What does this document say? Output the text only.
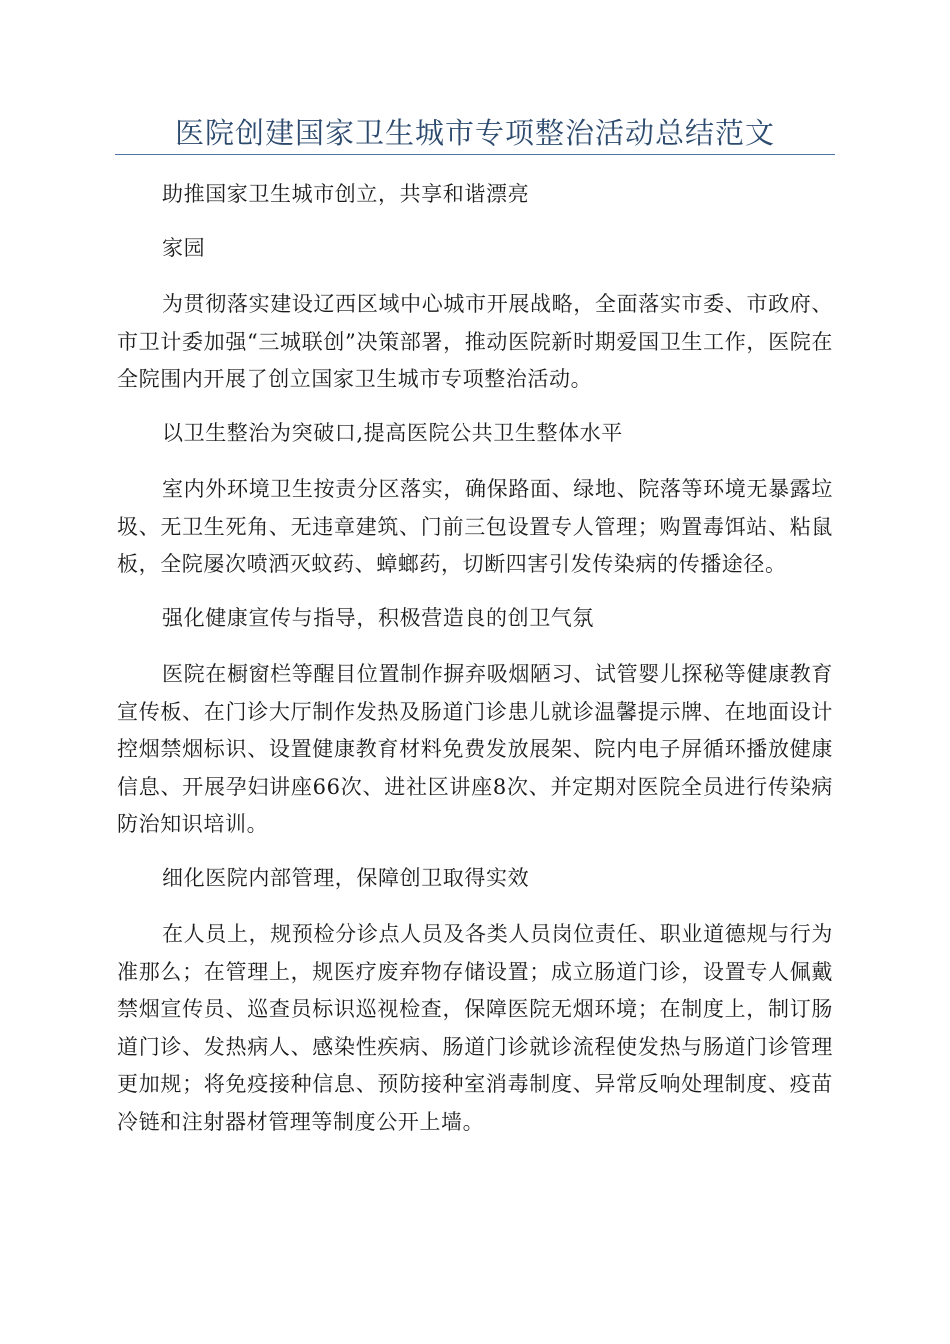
医院创建国家卫生城市专项整治活动总结范文

助推国家卫生城市创立，共享和谐漂亮

家园

为贯彻落实建设辽西区域中心城市开展战略，全面落实市委、市政府、市卫计委加强“三城联创”决策部署，推动医院新时期爱国卫生工作，医院在全院围内开展了创立国家卫生城市专项整治活动。

以卫生整治为突破口,提高医院公共卫生整体水平

室内外环境卫生按责分区落实，确保路面、绿地、院落等环境无暴露垃圾、无卫生死角、无违章建筑、门前三包设置专人管理；购置毒饵站、粘鼠板，全院屡次喷洒灭蚊药、蟑螂药，切断四害引发传染病的传播途径。

强化健康宣传与指导，积极营造良的创卫气氛

医院在橱窗栏等醒目位置制作摒弃吸烟陋习、试管婴儿探秘等健康教育宣传板、在门诊大厅制作发热及肠道门诊患儿就诊温馨提示牌、在地面设计控烟禁烟标识、设置健康教育材料免费发放展架、院内电子屏循环播放健康信息、开展孕妇讲座66次、进社区讲座8次、并定期对医院全员进行传染病防治知识培训。

细化医院内部管理，保障创卫取得实效

在人员上，规预检分诊点人员及各类人员岗位责任、职业道德规与行为准那么；在管理上，规医疗废弃物存储设置；成立肠道门诊，设置专人佩戴禁烟宣传员、巡查员标识巡视检查，保障医院无烟环境；在制度上，制订肠道门诊、发热病人、感染性疾病、肠道门诊就诊流程使发热与肠道门诊管理更加规；将免疫接种信息、预防接种室消毒制度、异常反响处理制度、疫苗冷链和注射器材管理等制度公开上墙。
